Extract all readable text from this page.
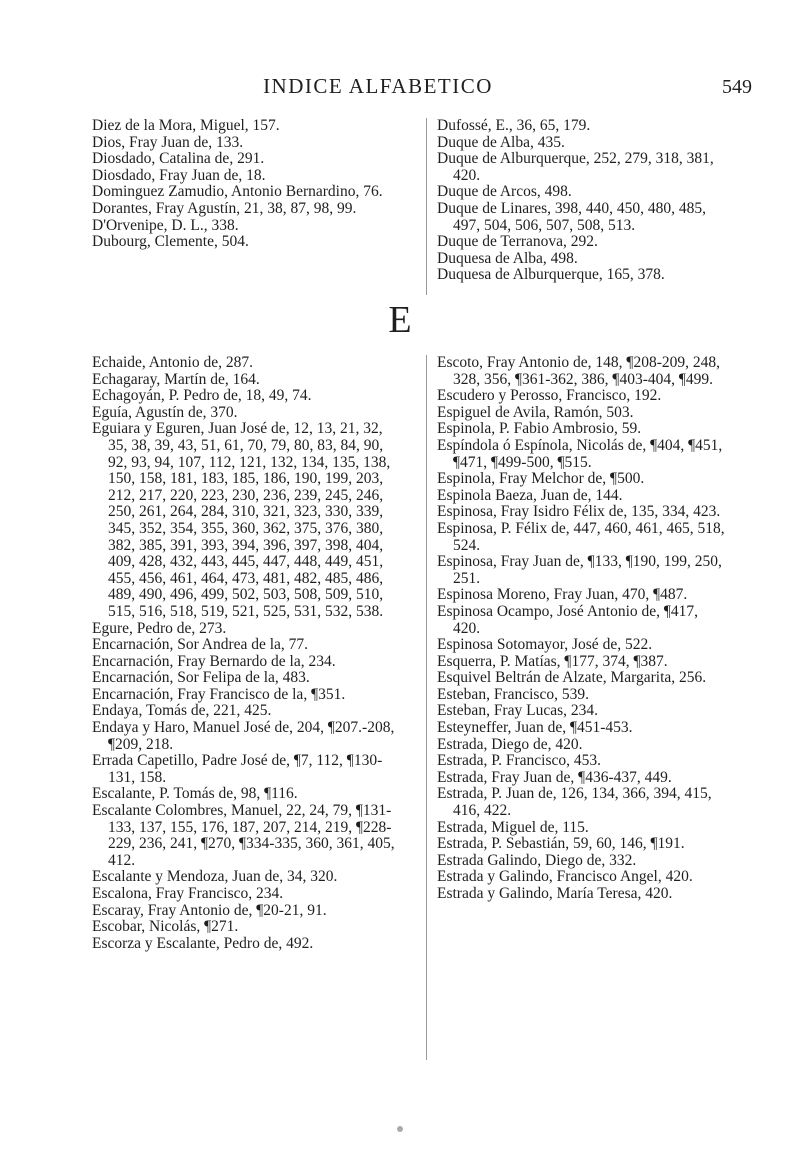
INDICE ALFABETICO	549
Diez de la Mora, Miguel, 157.
Dios, Fray Juan de, 133.
Diosdado, Catalina de, 291.
Diosdado, Fray Juan de, 18.
Dominguez Zamudio, Antonio Bernardino, 76.
Dorantes, Fray Agustín, 21, 38, 87, 98, 99.
D'Orvenipe, D. L., 338.
Dubourg, Clemente, 504.
Dufossé, E., 36, 65, 179.
Duque de Alba, 435.
Duque de Alburquerque, 252, 279, 318, 381, 420.
Duque de Arcos, 498.
Duque de Linares, 398, 440, 450, 480, 485, 497, 504, 506, 507, 508, 513.
Duque de Terranova, 292.
Duquesa de Alba, 498.
Duquesa de Alburquerque, 165, 378.
E
Echaide, Antonio de, 287.
Echagaray, Martín de, 164.
Echagoyán, P. Pedro de, 18, 49, 74.
Eguía, Agustín de, 370.
Eguiara y Eguren, Juan José de, 12, 13, 21, 32, 35, 38, 39, 43, 51, 61, 70, 79, 80, 83, 84, 90, 92, 93, 94, 107, 112, 121, 132, 134, 135, 138, 150, 158, 181, 183, 185, 186, 190, 199, 203, 212, 217, 220, 223, 230, 236, 239, 245, 246, 250, 261, 264, 284, 310, 321, 323, 330, 339, 345, 352, 354, 355, 360, 362, 375, 376, 380, 382, 385, 391, 393, 394, 396, 397, 398, 404, 409, 428, 432, 443, 445, 447, 448, 449, 451, 455, 456, 461, 464, 473, 481, 482, 485, 486, 489, 490, 496, 499, 502, 503, 508, 509, 510, 515, 516, 518, 519, 521, 525, 531, 532, 538.
Egure, Pedro de, 273.
Encarnación, Sor Andrea de la, 77.
Encarnación, Fray Bernardo de la, 234.
Encarnación, Sor Felipa de la, 483.
Encarnación, Fray Francisco de la, ¶351.
Endaya, Tomás de, 221, 425.
Endaya y Haro, Manuel José de, 204, ¶207.-208, ¶209, 218.
Errada Capetillo, Padre José de, ¶7, 112, ¶130-131, 158.
Escalante, P. Tomás de, 98, ¶116.
Escalante Colombres, Manuel, 22, 24, 79, ¶131-133, 137, 155, 176, 187, 207, 214, 219, ¶228-229, 236, 241, ¶270, ¶334-335, 360, 361, 405, 412.
Escalante y Mendoza, Juan de, 34, 320.
Escalona, Fray Francisco, 234.
Escaray, Fray Antonio de, ¶20-21, 91.
Escobar, Nicolás, ¶271.
Escorza y Escalante, Pedro de, 492.
Escoto, Fray Antonio de, 148, ¶208-209, 248, 328, 356, ¶361-362, 386, ¶403-404, ¶499.
Escudero y Perosso, Francisco, 192.
Espiguel de Avila, Ramón, 503.
Espinola, P. Fabio Ambrosio, 59.
Espíndola ó Espínola, Nicolás de, ¶404, ¶451, ¶471, ¶499-500, ¶515.
Espinola, Fray Melchor de, ¶500.
Espinola Baeza, Juan de, 144.
Espinosa, Fray Isidro Félix de, 135, 334, 423.
Espinosa, P. Félix de, 447, 460, 461, 465, 518, 524.
Espinosa, Fray Juan de, ¶133, ¶190, 199, 250, 251.
Espinosa Moreno, Fray Juan, 470, ¶487.
Espinosa Ocampo, José Antonio de, ¶417, 420.
Espinosa Sotomayor, José de, 522.
Esquerra, P. Matías, ¶177, 374, ¶387.
Esquivel Beltrán de Alzate, Margarita, 256.
Esteban, Francisco, 539.
Esteban, Fray Lucas, 234.
Esteyneffer, Juan de, ¶451-453.
Estrada, Diego de, 420.
Estrada, P. Francisco, 453.
Estrada, Fray Juan de, ¶436-437, 449.
Estrada, P. Juan de, 126, 134, 366, 394, 415, 416, 422.
Estrada, Miguel de, 115.
Estrada, P. Sebastián, 59, 60, 146, ¶191.
Estrada Galindo, Diego de, 332.
Estrada y Galindo, Francisco Angel, 420.
Estrada y Galindo, María Teresa, 420.
